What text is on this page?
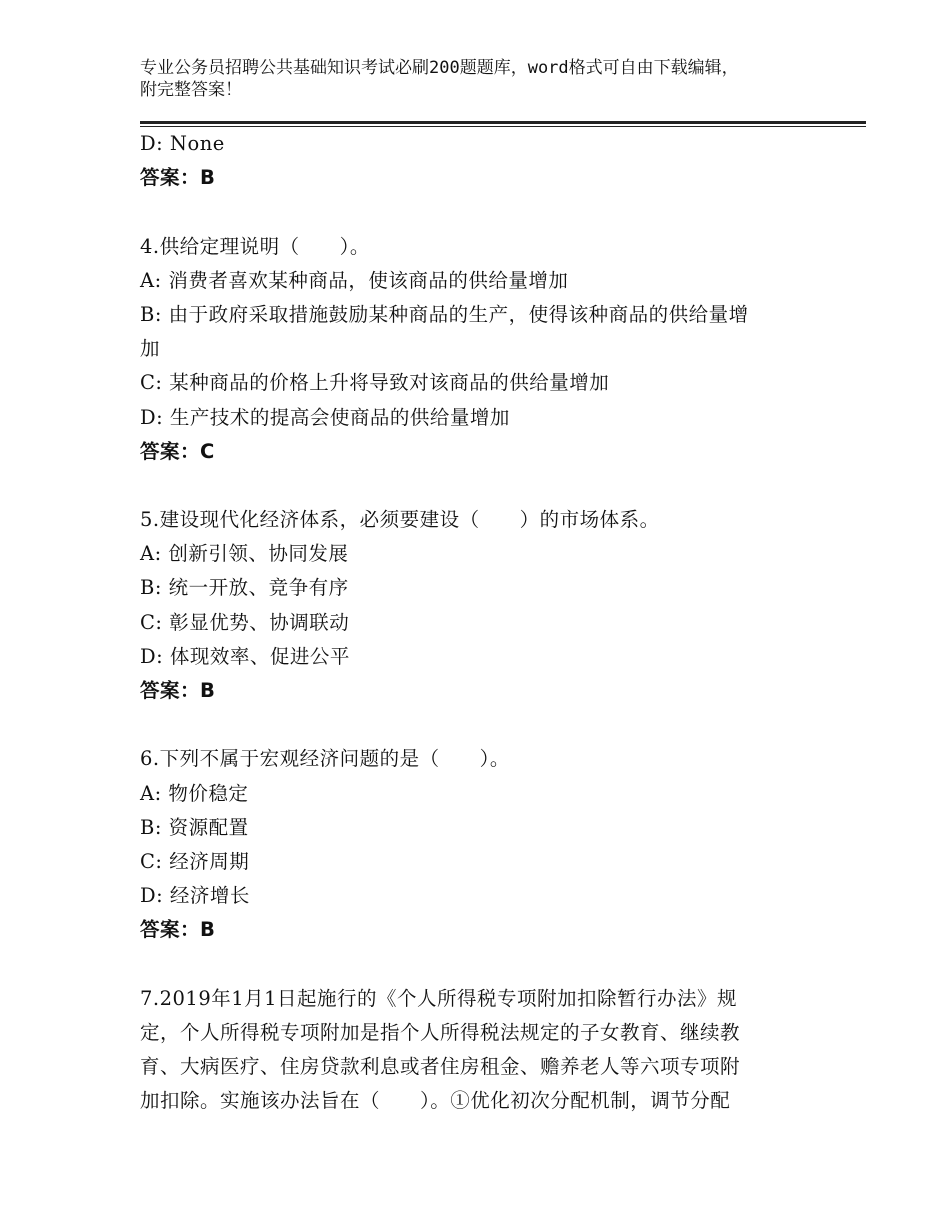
专业公务员招聘公共基础知识考试必刷200题题库，word格式可自由下载编辑，
附完整答案！
D: None
答案：B
4.供给定理说明（　　）。
A: 消费者喜欢某种商品，使该商品的供给量增加
B: 由于政府采取措施鼓励某种商品的生产，使得该种商品的供给量增
加
C: 某种商品的价格上升将导致对该商品的供给量增加
D: 生产技术的提高会使商品的供给量增加
答案：C
5.建设现代化经济体系，必须要建设（　　）的市场体系。
A: 创新引领、协同发展
B: 统一开放、竞争有序
C: 彰显优势、协调联动
D: 体现效率、促进公平
答案：B
6.下列不属于宏观经济问题的是（　　）。
A: 物价稳定
B: 资源配置
C: 经济周期
D: 经济增长
答案：B
7.2019年1月1日起施行的《个人所得税专项附加扣除暂行办法》规
定，个人所得税专项附加是指个人所得税法规定的子女教育、继续教
育、大病医疗、住房贷款利息或者住房租金、赡养老人等六项专项附
加扣除。实施该办法旨在（　　）。①优化初次分配机制，调节分配
